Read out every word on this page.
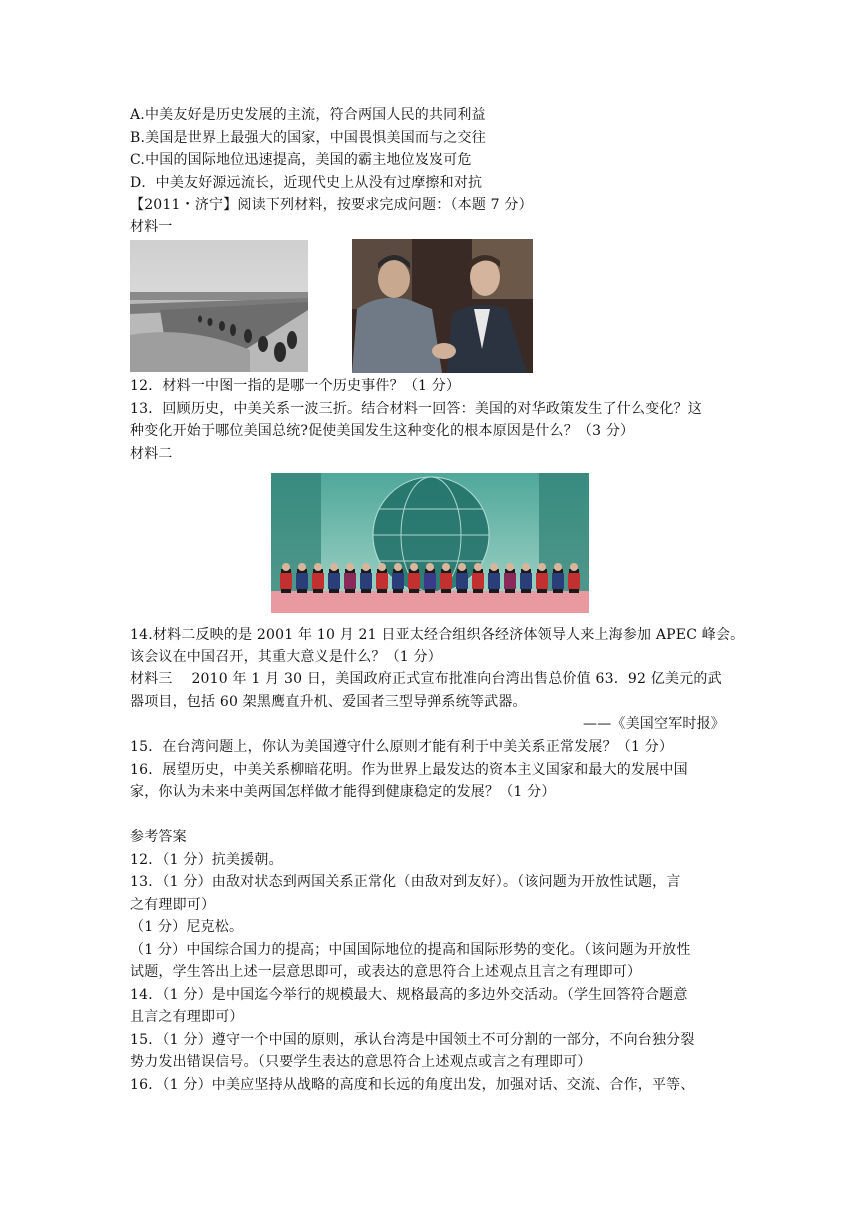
A.中美友好是历史发展的主流，符合两国人民的共同利益
B.美国是世界上最强大的国家，中国畏惧美国而与之交往
C.中国的国际地位迅速提高，美国的霸主地位岌岌可危
D．中美友好源远流长，近现代史上从没有过摩擦和对抗
【2011・济宁】阅读下列材料，按要求完成问题：（本题 7 分）
材料一
12．材料一中图一指的是哪一个历史事件？（1 分）
13．回顾历史，中美关系一波三折。结合材料一回答：美国的对华政策发生了什么变化？这
种变化开始于哪位美国总统?促使美国发生这种变化的根本原因是什么？（3 分）
材料二
14.材料二反映的是 2001 年 10 月 21 日亚太经合组织各经济体领导人来上海参加 APEC 峰会。
该会议在中国召开，其重大意义是什么？（1 分）
材料三　 2010 年 1 月 30 日，美国政府正式宣布批准向台湾出售总价值 63．92 亿美元的武
器项目，包括 60 架黑鹰直升机、爱国者三型导弹系统等武器。
——《美国空军时报》
15．在台湾问题上，你认为美国遵守什么原则才能有利于中美关系正常发展？（1 分）
16．展望历史，中美关系柳暗花明。作为世界上最发达的资本主义国家和最大的发展中国
家，你认为未来中美两国怎样做才能得到健康稳定的发展？（1 分）
参考答案
12．（1 分）抗美援朝。
13．（1 分）由敌对状态到两国关系正常化（由敌对到友好）。（该问题为开放性试题，言
之有理即可）
（1 分）尼克松。
（1 分）中国综合国力的提高；中国国际地位的提高和国际形势的变化。（该问题为开放性
试题，学生答出上述一层意思即可，或表达的意思符合上述观点且言之有理即可）
14．（1 分）是中国迄今举行的规模最大、规格最高的多边外交活动。（学生回答符合题意
且言之有理即可）
15．（1 分）遵守一个中国的原则，承认台湾是中国领土不可分割的一部分，不向台独分裂
势力发出错误信号。（只要学生表达的意思符合上述观点或言之有理即可）
16．（1 分）中美应坚持从战略的高度和长远的角度出发，加强对话、交流、合作，平等、
